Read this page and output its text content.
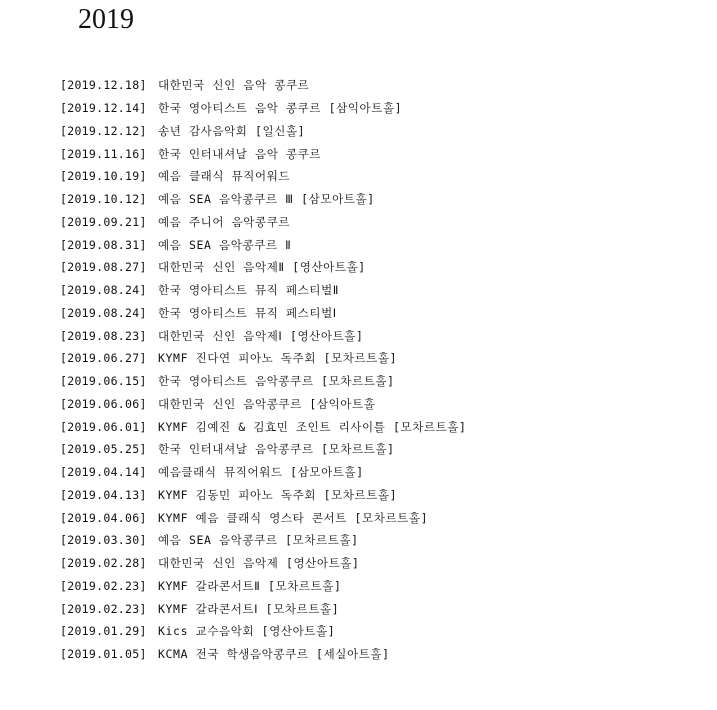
2019
[2019.12.18] 대한민국 신인 음악 콩쿠르
[2019.12.14] 한국 영아티스트 음악 콩쿠르 [삼익아트홀]
[2019.12.12] 송년 감사음악회 [일신홀]
[2019.11.16] 한국 인터내셔날 음악 콩쿠르
[2019.10.19] 예음 클래식 뮤직어워드
[2019.10.12] 예음 SEA 음악콩쿠르 Ⅲ [삼모아트홀]
[2019.09.21] 예음 주니어 음악콩쿠르
[2019.08.31] 예음 SEA 음악콩쿠르 Ⅱ
[2019.08.27] 대한민국 신인 음악제Ⅱ [영산아트홀]
[2019.08.24] 한국 영아티스트 뮤직 페스티벌Ⅱ
[2019.08.24] 한국 영아티스트 뮤직 페스티벌Ⅰ
[2019.08.23] 대한민국 신인 음악제Ⅰ [영산아트홀]
[2019.06.27] KYMF 진다연 피아노 독주회 [모차르트홀]
[2019.06.15] 한국 영아티스트 음악콩쿠르 [모차르트홀]
[2019.06.06] 대한민국 신인 음악콩쿠르 [삼익아트홀
[2019.06.01] KYMF 김예진 & 김효민 조인트 리사이틀 [모차르트홀]
[2019.05.25] 한국 인터내셔날 음악콩쿠르 [모차르트홀]
[2019.04.14] 예음클래식 뮤직어워드 [삼모아트홀]
[2019.04.13] KYMF 김동민 피아노 독주회 [모차르트홀]
[2019.04.06] KYMF 예음 클래식 영스타 콘서트 [모차르트홀]
[2019.03.30] 예음 SEA 음악콩쿠르 [모차르트홀]
[2019.02.28] 대한민국 신인 음악제 [영산아트홀]
[2019.02.23] KYMF 갈라콘서트Ⅱ [모차르트홀]
[2019.02.23] KYMF 갈라콘서트Ⅰ [모차르트홀]
[2019.01.29] Kics 교수음악회 [영산아트홀]
[2019.01.05] KCMA 전국 학생음악콩쿠르 [세실아트홀]
